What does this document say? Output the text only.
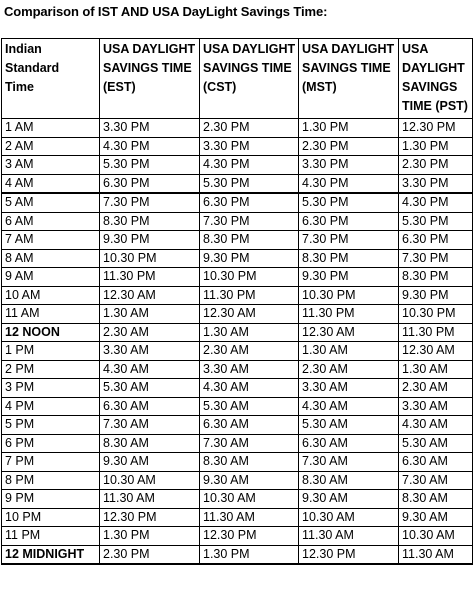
Comparison of IST AND USA DayLight Savings Time:
Indian Standard
Time	USA DAYLIGHT
SAVINGS TIME
(EST)	USA DAYLIGHT
SAVINGS TIME
(CST)	USA DAYLIGHT
SAVINGS TIME
(MST)	USA
DAYLIGHT
SAVINGS
TIME (PST)

1 AM	3.30 PM	2.30 PM	1.30 PM	12.30 PM
2 AM	4.30 PM	3.30 PM	2.30 PM	1.30 PM
3 AM	5.30 PM	4.30 PM	3.30 PM	2.30 PM
4 AM	6.30 PM	5.30 PM	4.30 PM	3.30 PM
5 AM	7.30 PM	6.30 PM	5.30 PM	4.30 PM
6 AM	8.30 PM	7.30 PM	6.30 PM	5.30 PM
7 AM	9.30 PM	8.30 PM	7.30 PM	6.30 PM
8 AM	10.30 PM	9.30 PM	8.30 PM	7.30 PM
9 AM	11.30 PM	10.30 PM	9.30 PM	8.30 PM
10 AM	12.30 AM	11.30 PM	10.30 PM	9.30 PM
11 AM	1.30 AM	12.30 AM	11.30 PM	10.30 PM
12 NOON	2.30 AM	1.30 AM	12.30 AM	11.30 PM
1 PM	3.30 AM	2.30 AM	1.30 AM	12.30 AM
2 PM	4.30 AM	3.30 AM	2.30 AM	1.30 AM
3 PM	5.30 AM	4.30 AM	3.30 AM	2.30 AM
4 PM	6.30 AM	5.30 AM	4.30 AM	3.30 AM
5 PM	7.30 AM	6.30 AM	5.30 AM	4.30 AM
6 PM	8.30 AM	7.30 AM	6.30 AM	5.30 AM
7 PM	9.30 AM	8.30 AM	7.30 AM	6.30 AM
8 PM	10.30 AM	9.30 AM	8.30 AM	7.30 AM
9 PM	11.30 AM	10.30 AM	9.30 AM	8.30 AM
10 PM	12.30 PM	11.30 AM	10.30 AM	9.30 AM
11 PM	1.30 PM	12.30 PM	11.30 AM	10.30 AM
12 MIDNIGHT	2.30 PM	1.30 PM	12.30 PM	11.30 AM
